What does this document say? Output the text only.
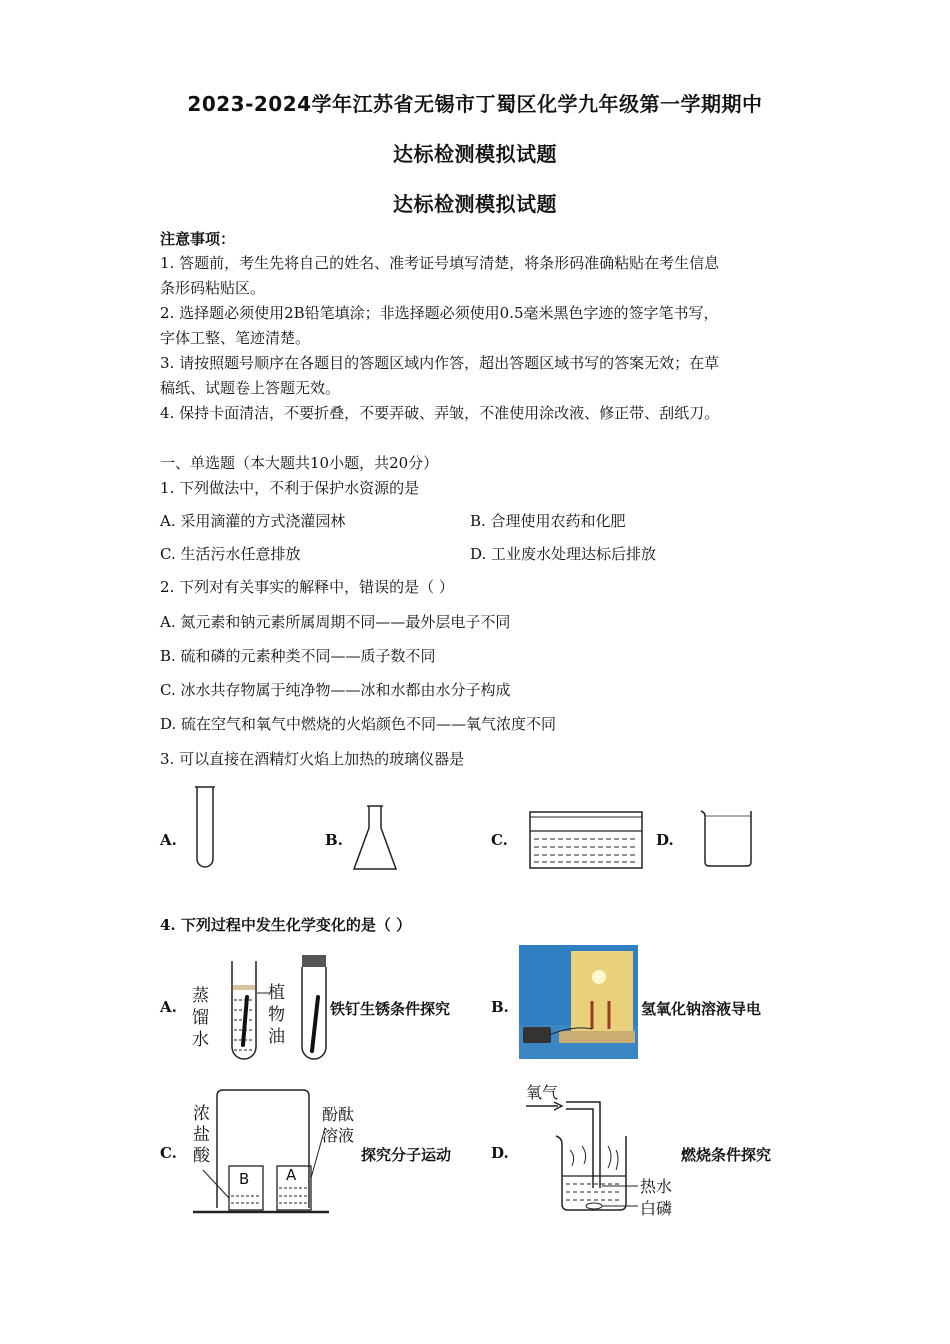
2023-2024学年江苏省无锡市丁蜀区化学九年级第一学期期中
达标检测模拟试题
达标检测模拟试题
注意事项：
1. 答题前，考生先将自己的姓名、准考证号填写清楚，将条形码准确粘贴在考生信息
条形码粘贴区。
2. 选择题必须使用2B铅笔填涂；非选择题必须使用0.5毫米黑色字迹的签字笔书写，
字体工整、笔迹清楚。
3. 请按照题号顺序在各题目的答题区域内作答，超出答题区域书写的答案无效；在草
稿纸、试题卷上答题无效。
4. 保持卡面清洁，不要折叠，不要弄破、弄皱，不准使用涂改液、修正带、刮纸刀。
一、单选题（本大题共10小题，共20分）
1. 下列做法中，不利于保护水资源的是
A. 采用滴灌的方式浇灌园林	B. 合理使用农药和化肥
C. 生活污水任意排放	D. 工业废水处理达标后排放
2. 下列对有关事实的解释中，错误的是（ ）
A. 氮元素和钠元素所属周期不同——最外层电子不同
B. 硫和磷的元素种类不同——质子数不同
C. 冰水共存物属于纯净物——冰和水都由水分子构成
D. 硫在空气和氧气中燃烧的火焰颜色不同——氧气浓度不同
3. 可以直接在酒精灯火焰上加热的玻璃仪器是
A.	B.	C.	D.
4. 下列过程中发生化学变化的是（ ）
A.
蒸
馏
水
植
物
油
铁钉生锈条件探究	B.	氢氧化钠溶液导电
C.
浓
盐
酸
B A
酚酞
溶液
探究分子运动	D.
氧气
热水
白磷
燃烧条件探究
